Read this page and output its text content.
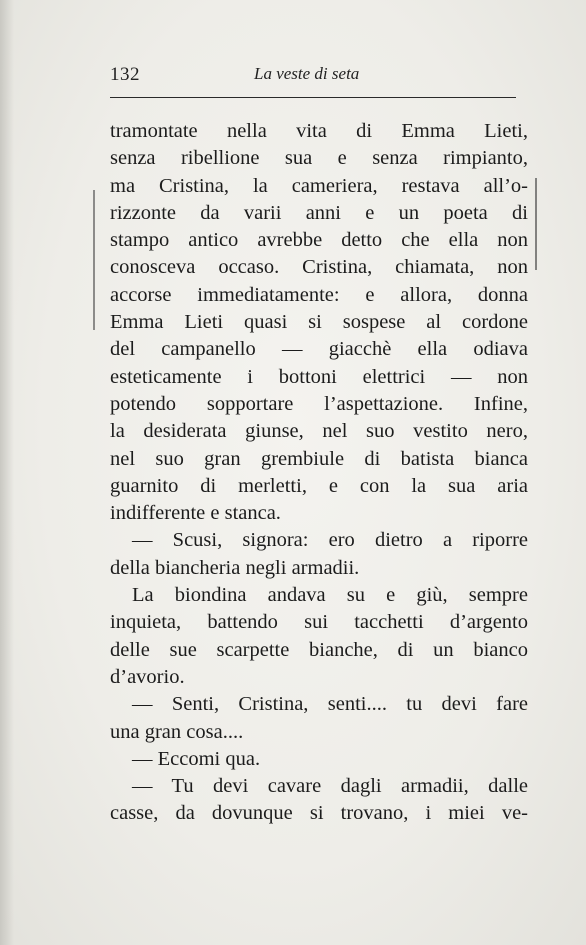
132	La veste di seta
tramontate nella vita di Emma Lieti,
senza ribellione sua e senza rimpianto,
ma Cristina, la cameriera, restava all’o-
rizzonte da varii anni e un poeta di
stampo antico avrebbe detto che ella non
conosceva occaso. Cristina, chiamata, non
accorse immediatamente: e allora, donna
Emma Lieti quasi si sospese al cordone
del campanello — giacchè ella odiava
esteticamente i bottoni elettrici — non
potendo sopportare l’aspettazione. Infine,
la desiderata giunse, nel suo vestito nero,
nel suo gran grembiule di batista bianca
guarnito di merletti, e con la sua aria
indifferente e stanca.
— Scusi, signora: ero dietro a riporre
della biancheria negli armadii.
La biondina andava su e giù, sempre
inquieta, battendo sui tacchetti d’argento
delle sue scarpette bianche, di un bianco
d’avorio.
— Senti, Cristina, senti.... tu devi fare
una gran cosa....
— Eccomi qua.
— Tu devi cavare dagli armadii, dalle
casse, da dovunque si trovano, i miei ve-
